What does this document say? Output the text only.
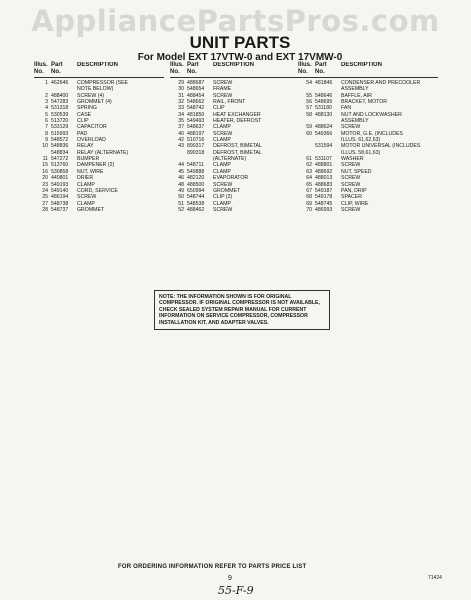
AppliancePartsPros.com
UNIT PARTS
For Model EXT 17VTW-0 and EXT 17VMW-0
Illus.
No.
Part
No.
DESCRIPTION
1 462646	COMPRESSOR (SEE
NOTE BELOW)
2 488400	SCREW (4)
3 547283	GROMMET (4)
4 531318	SPRING
5 530539	CASE
6 513720	CLIP
7 533129	CAPACITOR
8 515993	PAD
9 548572	OVERLOAD
10 548836	RELAY
548834	RELAY (ALTERNATE)
11 547272	BUMPER
15 513760	DAMPENER (2)
16 530858	NUT, WIRE
20 440801	DRIER
23 549193	CLAMP
24 549140	CORD, SERVICE
25 486194	SCREW
27 548738	CLAMP
28 548737	GROMMET
Illus.
No.
Part
No.
DESCRIPTION
29 488687	SCREW
30 548654	FRAME
31 488454	SCREW
32 548662	RAIL, FRONT
33 548742	CLIP
34 481850	HEAT EXCHANGER
35 549493	HEATER, DEFROST
37 548637	CLAMP
40 488197	SCREW
42 510716	CLAMP
43 890317	DEFROST, BIMETAL
890318	DEFROST, BIMETAL
(ALTERNATE)
44 548711	CLAMP
45 549888	CLAMP
46 482120	EVAPORATOR
48 488500	SCREW
49 650994	GROMMET
50 548744	CLIP (2)
51 548538	CLAMP
52 488462	SCREW
Illus.
No.
Part
No.
DESCRIPTION
54 481846	CONDENSER AND PRECOOLER
ASSEMBLY
55 548646	BAFFLE, AIR
56 548695	BRACKET, MOTOR
57 531180	FAN
58 488130	NUT AND LOCKWASHER
ASSEMBLY
59 488624	SCREW
60 549366	MOTOR, G.E. (INCLUDES
ILLUS. 61,62,63)
531594	MOTOR UNIVERSAL (INCLUDES
ILLUS. 58,61,63)
61 531107	WASHER
62 488801	SCREW
63 488692	NUT, SPEED
64 488013	SCREW
65 488683	SCREW
67 549187	PAN, DRIP
68 549178	SPACER
69 548745	CLIP, WIRE
70 486993	SCREW
NOTE: THE INFORMATION SHOWN IS FOR ORIGINAL COMPRESSOR. IF ORIGINAL COMPRESSOR IS NOT AVAILABLE, CHECK SEALED SYSTEM REPAIR MANUAL FOR CURRENT INFORMATION ON SERVICE COMPRESSOR, COMPRESSOR INSTALLATION KIT, AND ADAPTER VALVES.
FOR ORDERING INFORMATION REFER TO PARTS PRICE LIST
9	71424
55-F-9
